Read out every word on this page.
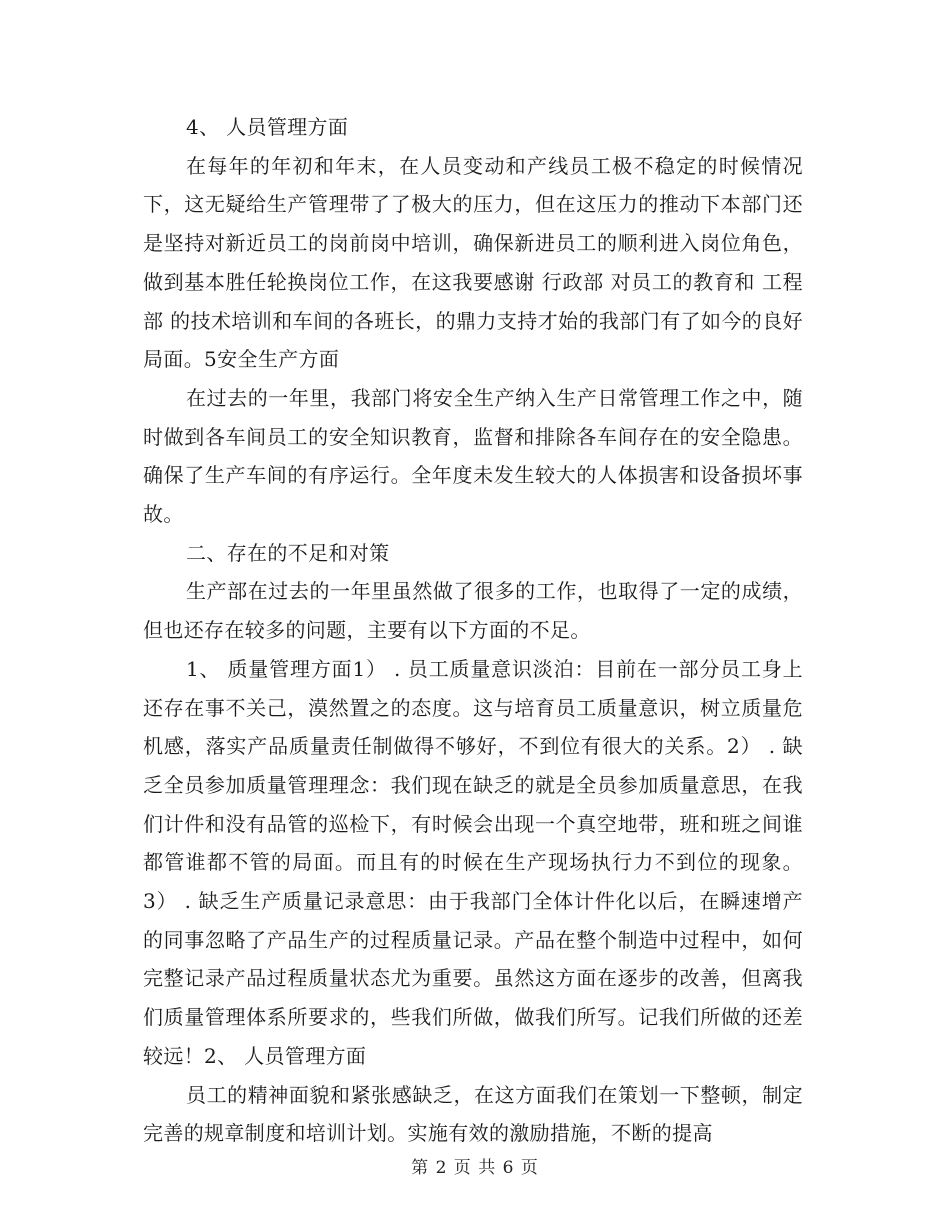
4、 人员管理方面

在每年的年初和年末，在人员变动和产线员工极不稳定的时候情况下，这无疑给生产管理带了了极大的压力，但在这压力的推动下本部门还是坚持对新近员工的岗前岗中培训，确保新进员工的顺利进入岗位角色，做到基本胜任轮换岗位工作，在这我要感谢 行政部 对员工的教育和 工程部 的技术培训和车间的各班长，的鼎力支持才始的我部门有了如今的良好局面。5安全生产方面

在过去的一年里，我部门将安全生产纳入生产日常管理工作之中，随时做到各车间员工的安全知识教育，监督和排除各车间存在的安全隐患。确保了生产车间的有序运行。全年度未发生较大的人体损害和设备损坏事故。

二、存在的不足和对策

生产部在过去的一年里虽然做了很多的工作，也取得了一定的成绩，但也还存在较多的问题，主要有以下方面的不足。

1、 质量管理方面1） . 员工质量意识淡泊：目前在一部分员工身上还存在事不关己，漠然置之的态度。这与培育员工质量意识，树立质量危机感，落实产品质量责任制做得不够好，不到位有很大的关系。2） . 缺乏全员参加质量管理理念：我们现在缺乏的就是全员参加质量意思，在我们计件和没有品管的巡检下，有时候会出现一个真空地带，班和班之间谁都管谁都不管的局面。而且有的时候在生产现场执行力不到位的现象。3） . 缺乏生产质量记录意思：由于我部门全体计件化以后，在瞬速增产的同事忽略了产品生产的过程质量记录。产品在整个制造中过程中，如何完整记录产品过程质量状态尤为重要。虽然这方面在逐步的改善，但离我们质量管理体系所要求的，些我们所做，做我们所写。记我们所做的还差较远！2、 人员管理方面

员工的精神面貌和紧张感缺乏，在这方面我们在策划一下整顿，制定完善的规章制度和培训计划。实施有效的激励措施，不断的提高

第 2 页 共 6 页
